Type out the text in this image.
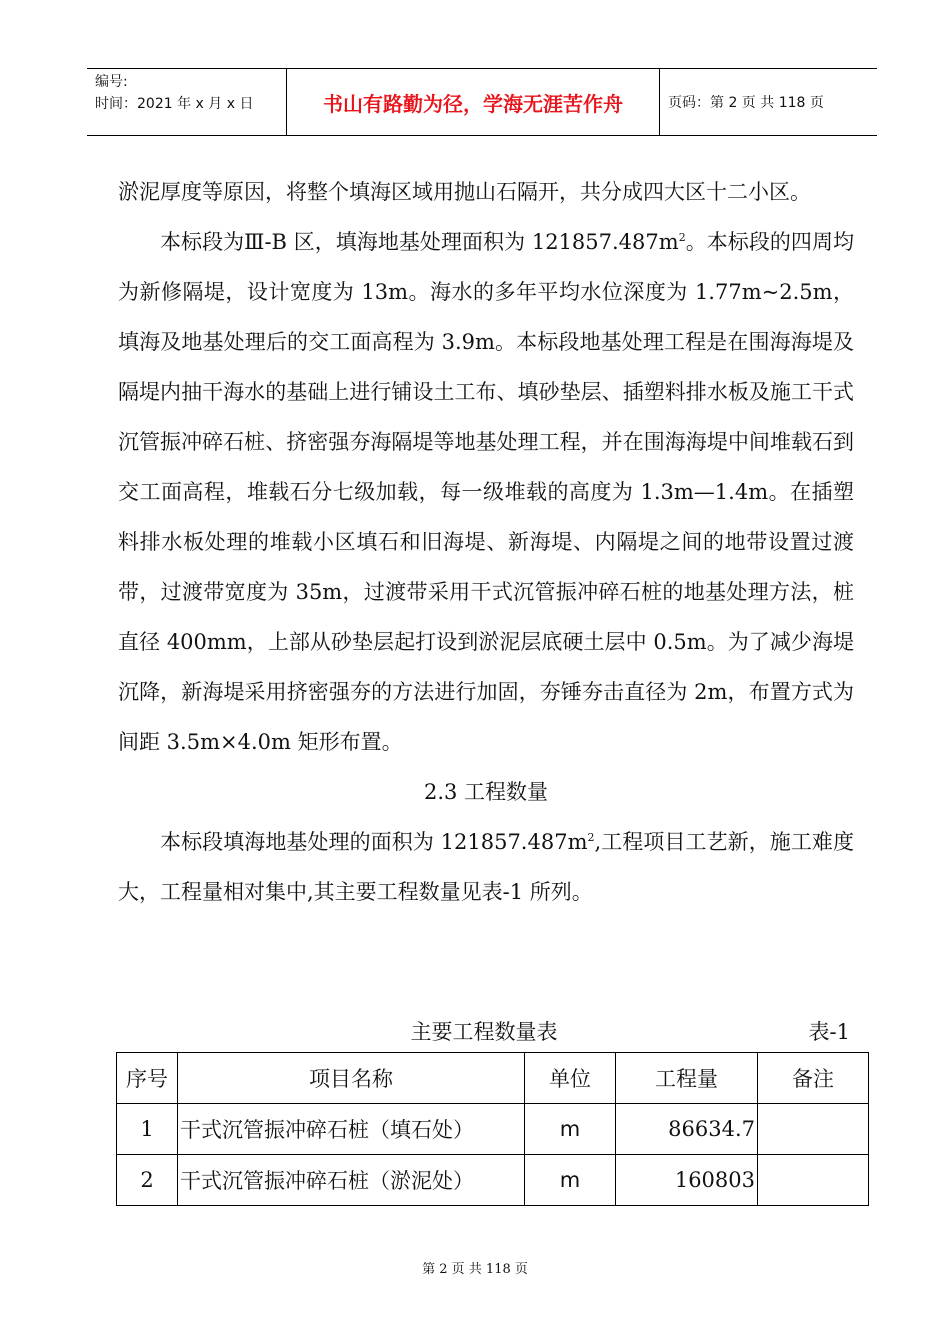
编号:
时间：2021 年 x 月 x 日	书山有路勤为径，学海无涯苦作舟	页码：第 2 页 共 118 页

淤泥厚度等原因，将整个填海区域用抛山石隔开，共分成四大区十二小区。

本标段为Ⅲ-B 区，填海地基处理面积为 $121857.487m^2$。本标段的四周均为新修隔堤，设计宽度为 13m。海水的多年平均水位深度为 1.77m~2.5m，填海及地基处理后的交工面高程为 3.9m。本标段地基处理工程是在围海海堤及隔堤内抽干海水的基础上进行铺设土工布、填砂垫层、插塑料排水板及施工干式沉管振冲碎石桩、挤密强夯海隔堤等地基处理工程，并在围海海堤中间堆载石到交工面高程，堆载石分七级加载，每一级堆载的高度为 1.3m—1.4m。在插塑料排水板处理的堆载小区填石和旧海堤、新海堤、内隔堤之间的地带设置过渡带，过渡带宽度为 35m，过渡带采用干式沉管振冲碎石桩的地基处理方法，桩直径 400mm，上部从砂垫层起打设到淤泥层底硬土层中 0.5m。为了减少海堤沉降，新海堤采用挤密强夯的方法进行加固，夯锤夯击直径为 2m，布置方式为间距 3.5m×4.0m 矩形布置。

2.3 工程数量

本标段填海地基处理的面积为 $121857.487m^2$,工程项目工艺新，施工难度大，工程量相对集中,其主要工程数量见表-1 所列。

主要工程数量表	表-1
序号	项目名称	单位	工程量	备注
1	干式沉管振冲碎石桩（填石处）	m	86634.7	
2	干式沉管振冲碎石桩（淤泥处）	m	160803	
第 2 页 共 118 页
